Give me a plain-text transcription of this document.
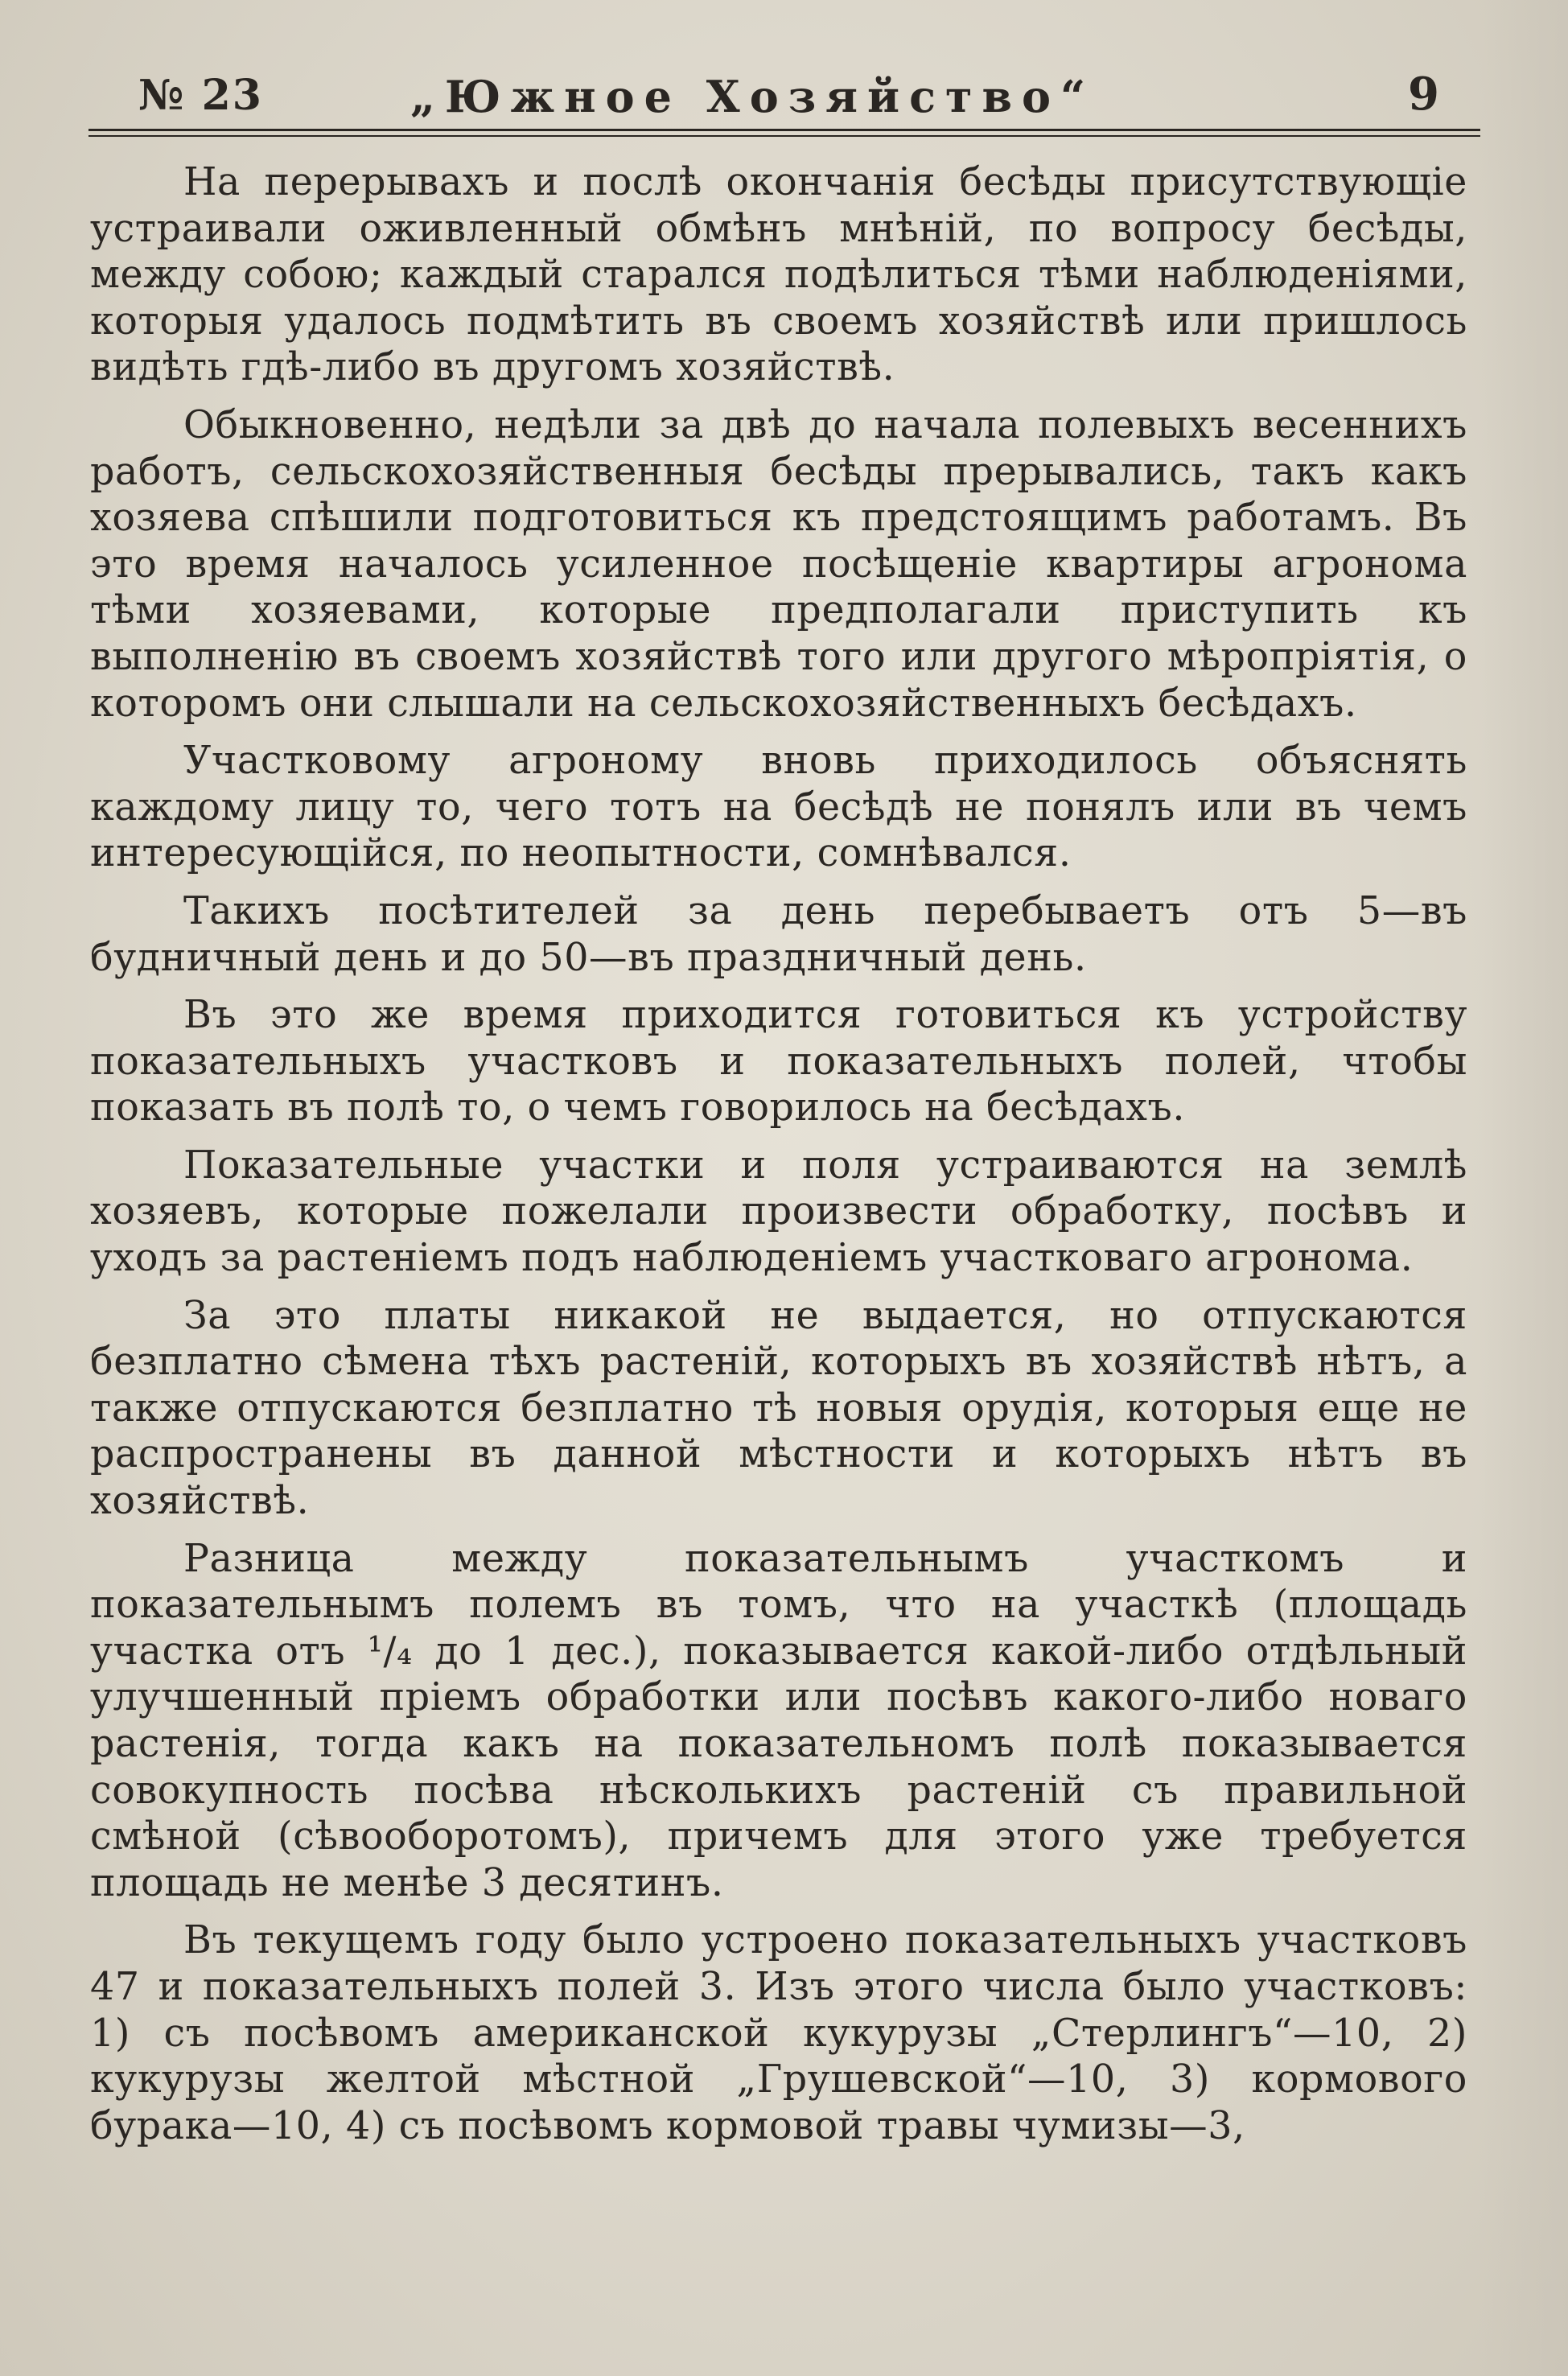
№ 23	„Южное Хозяйство“	9

На перерывахъ и послѣ окончанія бесѣды присутствующіе устраивали оживленный обмѣнъ мнѣній, по вопросу бесѣды, между собою; каждый старался подѣлиться тѣми наблюденіями, которыя удалось подмѣтить въ своемъ хозяйствѣ или пришлось видѣть гдѣ-либо въ другомъ хозяйствѣ.

Обыкновенно, недѣли за двѣ до начала полевыхъ весеннихъ работъ, сельскохозяйственныя бесѣды прерывались, такъ какъ хозяева спѣшили подготовиться къ предстоящимъ работамъ. Въ это время началось усиленное посѣщеніе квартиры агронома тѣми хозяевами, которые предполагали приступить къ выполненію въ своемъ хозяйствѣ того или другого мѣропріятія, о которомъ они слышали на сельскохозяйственныхъ бесѣдахъ.

Участковому агроному вновь приходилось объяснять каждому лицу то, чего тотъ на бесѣдѣ не понялъ или въ чемъ интересующійся, по неопытности, сомнѣвался.

Такихъ посѣтителей за день перебываетъ отъ 5—въ будничный день и до 50—въ праздничный день.

Въ это же время приходится готовиться къ устройству показательныхъ участковъ и показательныхъ полей, чтобы показать въ полѣ то, о чемъ говорилось на бесѣдахъ.

Показательные участки и поля устраиваются на землѣ хозяевъ, которые пожелали произвести обработку, посѣвъ и уходъ за растеніемъ подъ наблюденіемъ участковаго агронома.

За это платы никакой не выдается, но отпускаются безплатно сѣмена тѣхъ растеній, которыхъ въ хозяйствѣ нѣтъ, а также отпускаются безплатно тѣ новыя орудія, которыя еще не распространены въ данной мѣстности и которыхъ нѣтъ въ хозяйствѣ.

Разница между показательнымъ участкомъ и показательнымъ полемъ въ томъ, что на участкѣ (площадь участка отъ ¹/₄ до 1 дес.), показывается какой-либо отдѣльный улучшенный пріемъ обработки или посѣвъ какого-либо новаго растенія, тогда какъ на показательномъ полѣ показывается совокупность посѣва нѣсколькихъ растеній съ правильной смѣной (сѣвооборотомъ), причемъ для этого уже требуется площадь не менѣе 3 десятинъ.

Въ текущемъ году было устроено показательныхъ участковъ 47 и показательныхъ полей 3. Изъ этого числа было участковъ: 1) съ посѣвомъ американской кукурузы „Стерлингъ“—10, 2) кукурузы желтой мѣстной „Грушевской“—10, 3) кормового бурака—10, 4) съ посѣвомъ кормовой травы чумизы—3,
